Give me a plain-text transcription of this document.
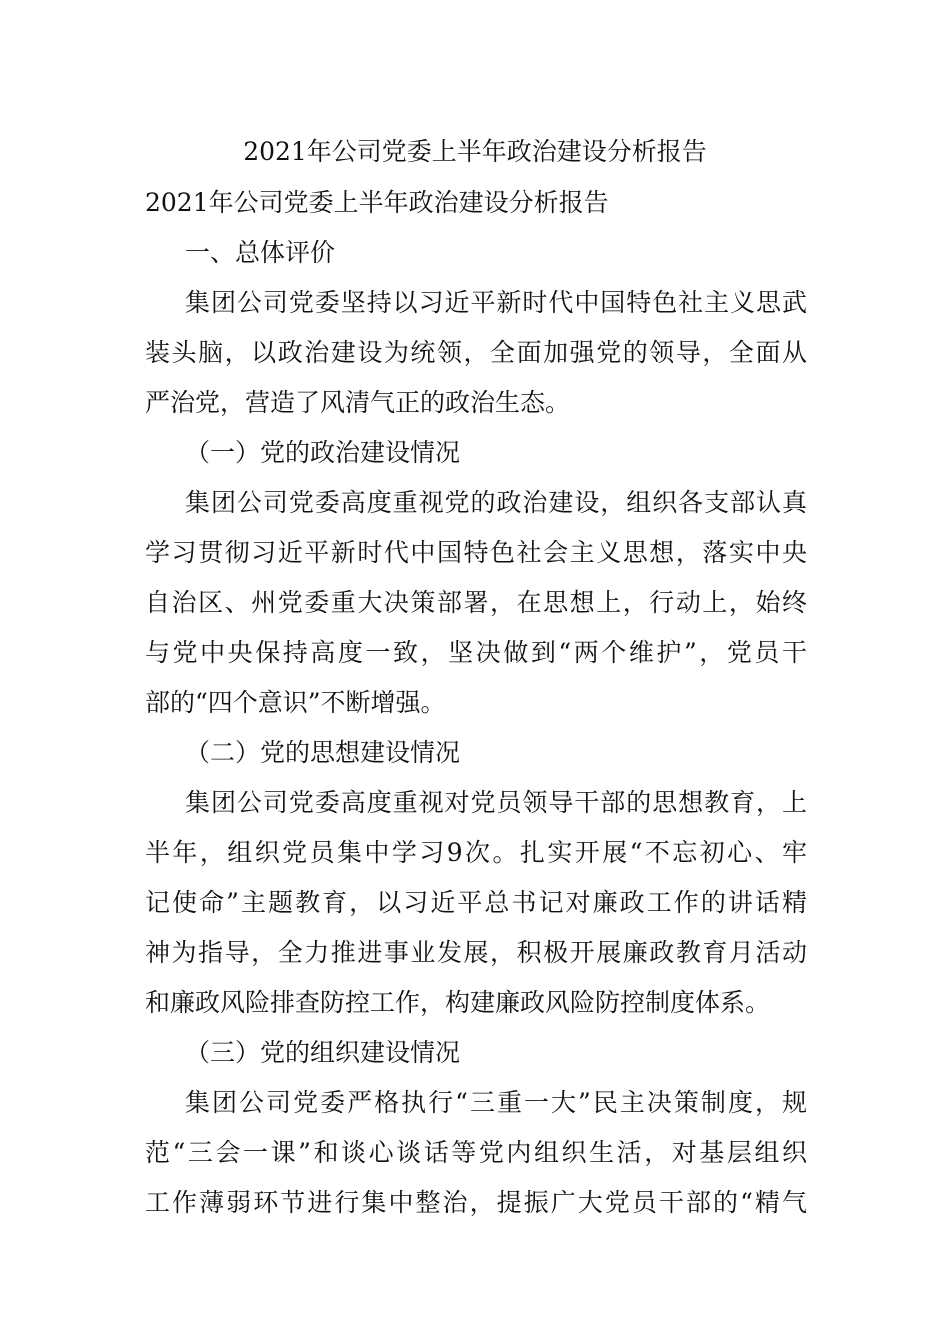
2021年公司党委上半年政治建设分析报告
2021年公司党委上半年政治建设分析报告
一、总体评价
集团公司党委坚持以习近平新时代中国特色社主义思武
装头脑，以政治建设为统领，全面加强党的领导，全面从
严治党，营造了风清气正的政治生态。
（一）党的政治建设情况
集团公司党委高度重视党的政治建设，组织各支部认真
学习贯彻习近平新时代中国特色社会主义思想，落实中央
自治区、州党委重大决策部署，在思想上，行动上，始终
与党中央保持高度一致，坚决做到“两个维护”，党员干
部的“四个意识”不断增强。
（二）党的思想建设情况
集团公司党委高度重视对党员领导干部的思想教育，上
半年，组织党员集中学习9次。扎实开展“不忘初心、牢
记使命”主题教育，以习近平总书记对廉政工作的讲话精
神为指导，全力推进事业发展，积极开展廉政教育月活动
和廉政风险排查防控工作，构建廉政风险防控制度体系。
（三）党的组织建设情况
集团公司党委严格执行“三重一大”民主决策制度，规
范“三会一课”和谈心谈话等党内组织生活，对基层组织
工作薄弱环节进行集中整治，提振广大党员干部的“精气
